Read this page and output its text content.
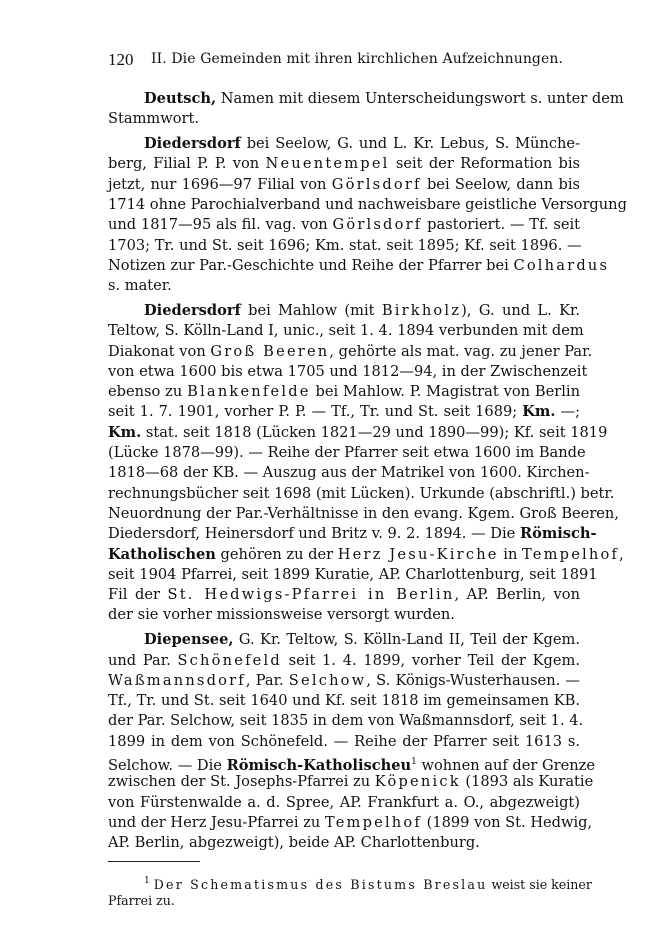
120 II. Die Gemeinden mit ihren kirchlichen Aufzeichnungen.
Deutsch, Namen mit diesem Unterscheidungswort s. unter dem
Stammwort.
Diedersdorf bei Seelow, G. und L. Kr. Lebus, S. Münche-
berg, Filial P. P. von Neuentempel seit der Reformation bis
jetzt, nur 1696—97 Filial von Görlsdorf bei Seelow, dann bis
1714 ohne Parochialverband und nachweisbare geistliche Versorgung
und 1817—95 als fil. vag. von Görlsdorf pastoriert. — Tf. seit
1703; Tr. und St. seit 1696; Km. stat. seit 1895; Kf. seit 1896. —
Notizen zur Par.-Geschichte und Reihe der Pfarrer bei Colhardus
s. mater.
Diedersdorf bei Mahlow (mit Birkholz), G. und L. Kr.
Teltow, S. Kölln-Land I, unic., seit 1. 4. 1894 verbunden mit dem
Diakonat von Groß Beeren, gehörte als mat. vag. zu jener Par.
von etwa 1600 bis etwa 1705 und 1812—94, in der Zwischenzeit
ebenso zu Blankenfelde bei Mahlow. P. Magistrat von Berlin
seit 1. 7. 1901, vorher P. P. — Tf., Tr. und St. seit 1689; Km. —;
Km. stat. seit 1818 (Lücken 1821—29 und 1890—99); Kf. seit 1819
(Lücke 1878—99). — Reihe der Pfarrer seit etwa 1600 im Bande
1818—68 der KB. — Auszug aus der Matrikel von 1600. Kirchen-
rechnungsbücher seit 1698 (mit Lücken). Urkunde (abschriftl.) betr.
Neuordnung der Par.-Verhältnisse in den evang. Kgem. Groß Beeren,
Diedersdorf, Heinersdorf und Britz v. 9. 2. 1894. — Die Römisch-
Katholischen gehören zu der Herz Jesu-Kirche in Tempelhof,
seit 1904 Pfarrei, seit 1899 Kuratie, AP. Charlottenburg, seit 1891
Fil der St. Hedwigs-Pfarrei in Berlin, AP. Berlin, von
der sie vorher missionsweise versorgt wurden.
Diepensee, G. Kr. Teltow, S. Kölln-Land II, Teil der Kgem.
und Par. Schönefeld seit 1. 4. 1899, vorher Teil der Kgem.
Waßmannsdorf, Par. Selchow, S. Königs-Wusterhausen. —
Tf., Tr. und St. seit 1640 und Kf. seit 1818 im gemeinsamen KB.
der Par. Selchow, seit 1835 in dem von Waßmannsdorf, seit 1. 4.
1899 in dem von Schönefeld. — Reihe der Pfarrer seit 1613 s.
Selchow. — Die Römisch-Katholischeu$^1$ wohnen auf der Grenze
zwischen der St. Josephs-Pfarrei zu Köpenick (1893 als Kuratie
von Fürstenwalde a. d. Spree, AP. Frankfurt a. O., abgezweigt)
und der Herz Jesu-Pfarrei zu Tempelhof (1899 von St. Hedwig,
AP. Berlin, abgezweigt), beide AP. Charlottenburg.
$^1$ Der Schematismus des Bistums Breslau weist sie keiner
Pfarrei zu.
